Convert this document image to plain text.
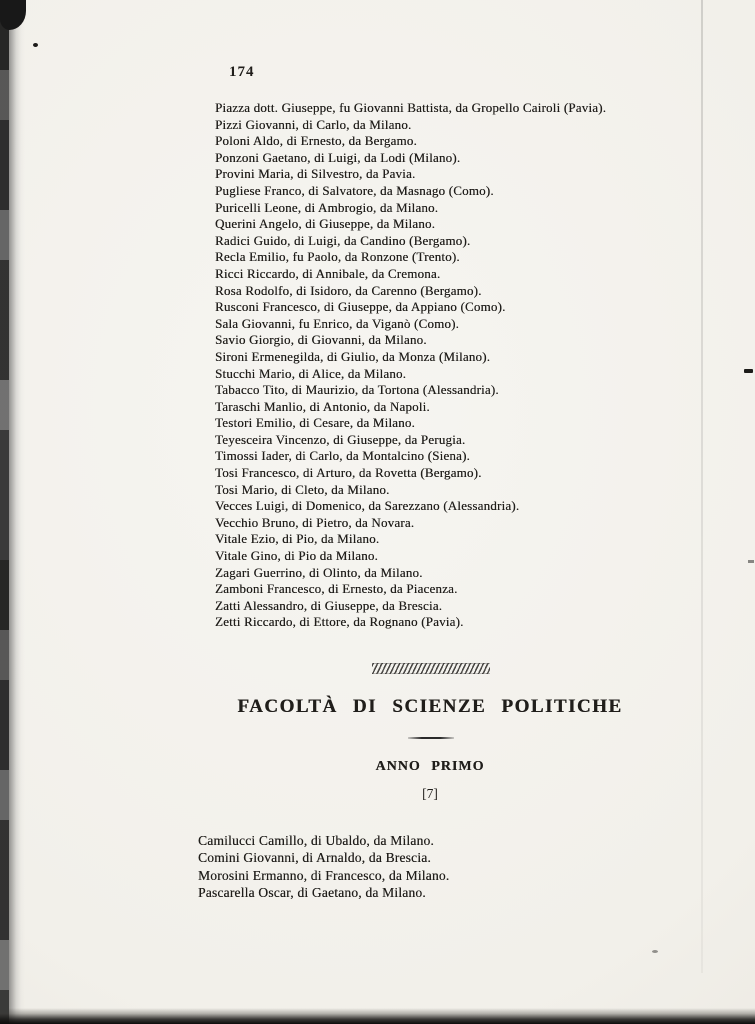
174

Piazza dott. Giuseppe, fu Giovanni Battista, da Gropello Cairoli (Pavia).

Pizzi Giovanni, di Carlo, da Milano.

Poloni Aldo, di Ernesto, da Bergamo.

Ponzoni Gaetano, di Luigi, da Lodi (Milano).

Provini Maria, di Silvestro, da Pavia.

Pugliese Franco, di Salvatore, da Masnago (Como).

Puricelli Leone, di Ambrogio, da Milano.

Querini Angelo, di Giuseppe, da Milano.

Radici Guido, di Luigi, da Candino (Bergamo).

Recla Emilio, fu Paolo, da Ronzone (Trento).

Ricci Riccardo, di Annibale, da Cremona.

Rosa Rodolfo, di Isidoro, da Carenno (Bergamo).

Rusconi Francesco, di Giuseppe, da Appiano (Como).

Sala Giovanni, fu Enrico, da Viganò (Como).

Savio Giorgio, di Giovanni, da Milano.

Sironi Ermenegilda, di Giulio, da Monza (Milano).

Stucchi Mario, di Alice, da Milano.

Tabacco Tito, di Maurizio, da Tortona (Alessandria).

Taraschi Manlio, di Antonio, da Napoli.

Testori Emilio, di Cesare, da Milano.

Teyesceira Vincenzo, di Giuseppe, da Perugia.

Timossi Iader, di Carlo, da Montalcino (Siena).

Tosi Francesco, di Arturo, da Rovetta (Bergamo).

Tosi Mario, di Cleto, da Milano.

Vecces Luigi, di Domenico, da Sarezzano (Alessandria).

Vecchio Bruno, di Pietro, da Novara.

Vitale Ezio, di Pio, da Milano.

Vitale Gino, di Pio da Milano.

Zagari Guerrino, di Olinto, da Milano.

Zamboni Francesco, di Ernesto, da Piacenza.

Zatti Alessandro, di Giuseppe, da Brescia.

Zetti Riccardo, di Ettore, da Rognano (Pavia).

FACOLTÀ DI SCIENZE POLITICHE
ANNO PRIMO
[7]

Camilucci Camillo, di Ubaldo, da Milano.

Comini Giovanni, di Arnaldo, da Brescia.

Morosini Ermanno, di Francesco, da Milano.

Pascarella Oscar, di Gaetano, da Milano.
